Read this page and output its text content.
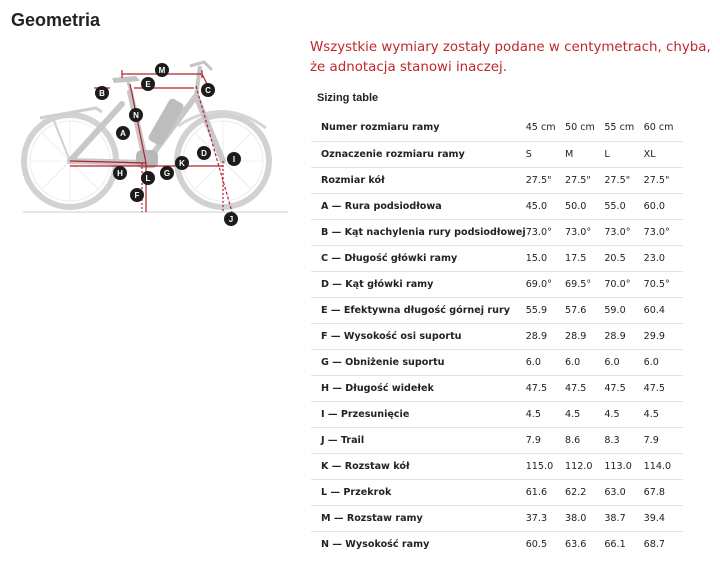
Geometria
Wszystkie wymiary zostały podane w centymetrach, chyba, że adnotacja stanowi inaczej.
M
E
C
B
N
A
D
I
K
H
L
G
F
J
Sizing table
Numer rozmiaru ramy	45 cm	50 cm	55 cm	60 cm
Oznaczenie rozmiaru ramy	S	M	L	XL
Rozmiar kół	27.5"	27.5"	27.5"	27.5"
A — Rura podsiodłowa	45.0	50.0	55.0	60.0
B — Kąt nachylenia rury podsiodłowej	73.0°	73.0°	73.0°	73.0°
C — Długość główki ramy	15.0	17.5	20.5	23.0
D — Kąt główki ramy	69.0°	69.5°	70.0°	70.5°
E — Efektywna długość górnej rury	55.9	57.6	59.0	60.4
F — Wysokość osi suportu	28.9	28.9	28.9	29.9
G — Obniżenie suportu	6.0	6.0	6.0	6.0
H — Długość widełek	47.5	47.5	47.5	47.5
I — Przesunięcie	4.5	4.5	4.5	4.5
J — Trail	7.9	8.6	8.3	7.9
K — Rozstaw kół	115.0	112.0	113.0	114.0
L — Przekrok	61.6	62.2	63.0	67.8
M — Rozstaw ramy	37.3	38.0	38.7	39.4
N — Wysokość ramy	60.5	63.6	66.1	68.7
